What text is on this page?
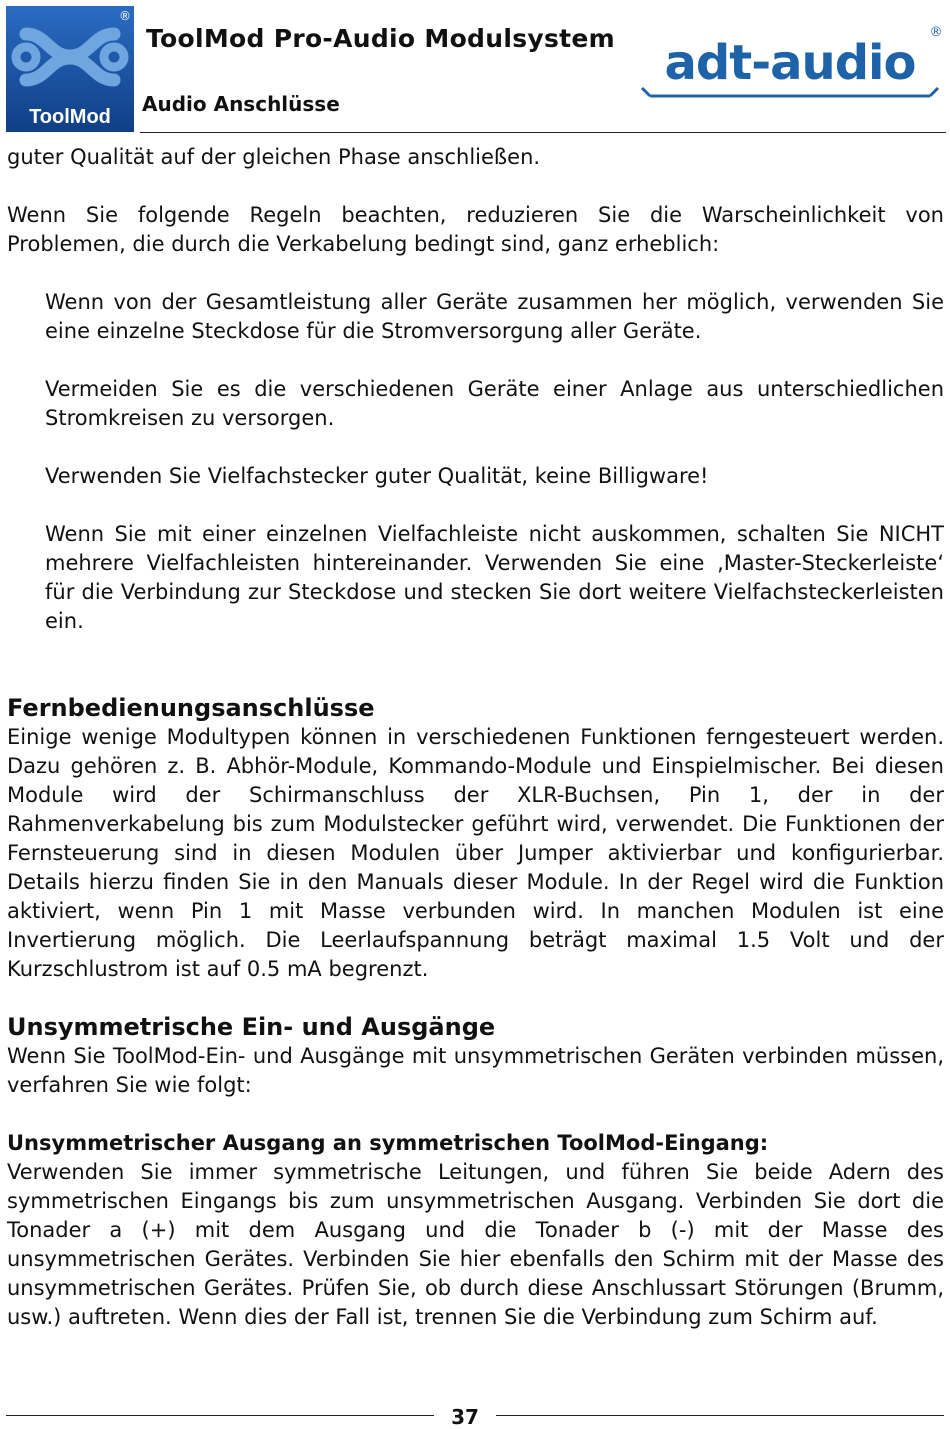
ToolMod
®
ToolMod Pro-Audio Modulsystem
Audio Anschlüsse
adt-audio
®

guter Qualität auf der gleichen Phase anschließen.

Wenn Sie folgende Regeln beachten, reduzieren Sie die Warscheinlichkeit von Problemen, die durch die Verkabelung bedingt sind, ganz erheblich:

Wenn von der Gesamtleistung aller Geräte zusammen her möglich, verwenden Sie eine einzelne Steckdose für die Stromversorgung aller Geräte.

Vermeiden Sie es die verschiedenen Geräte einer Anlage aus unterschiedlichen Stromkreisen zu versorgen.

Verwenden Sie Vielfachstecker guter Qualität, keine Billigware!

Wenn Sie mit einer einzelnen Vielfachleiste nicht auskommen, schalten Sie NICHT mehrere Vielfachleisten hintereinander. Verwenden Sie eine ‚Master-Steckerleiste‘ für die Verbindung zur Steckdose und stecken Sie dort weitere Vielfachsteckerleisten ein.

Fernbedienungsanschlüsse

Einige wenige Modultypen können in verschiedenen Funktionen ferngesteuert werden. Dazu gehören z. B. Abhör-Module, Kommando-Module und Einspielmischer. Bei diesen Module wird der Schirmanschluss der XLR-Buchsen, Pin 1, der in der Rahmenverkabelung bis zum Modulstecker geführt wird, verwendet. Die Funktionen der Fernsteuerung sind in diesen Modulen über Jumper aktivierbar und konfigurierbar. Details hierzu finden Sie in den Manuals dieser Module. In der Regel wird die Funktion aktiviert, wenn Pin 1 mit Masse verbunden wird. In manchen Modulen ist eine Invertierung möglich. Die Leerlaufspannung beträgt maximal 1.5 Volt und der Kurzschlustrom ist auf 0.5 mA begrenzt.

Unsymmetrische Ein- und Ausgänge

Wenn Sie ToolMod-Ein- und Ausgänge mit unsymmetrischen Geräten verbinden müssen, verfahren Sie wie folgt:

Unsymmetrischer Ausgang an symmetrischen ToolMod-Eingang:

Verwenden Sie immer symmetrische Leitungen, und führen Sie beide Adern des symmetrischen Eingangs bis zum unsymmetrischen Ausgang. Verbinden Sie dort die Tonader a (+) mit dem Ausgang und die Tonader b (-) mit der Masse des unsymmetrischen Gerätes. Verbinden Sie hier ebenfalls den Schirm mit der Masse des unsymmetrischen Gerätes. Prüfen Sie, ob durch diese Anschlussart Störungen (Brumm, usw.) auftreten. Wenn dies der Fall ist, trennen Sie die Verbindung zum Schirm auf.

37
